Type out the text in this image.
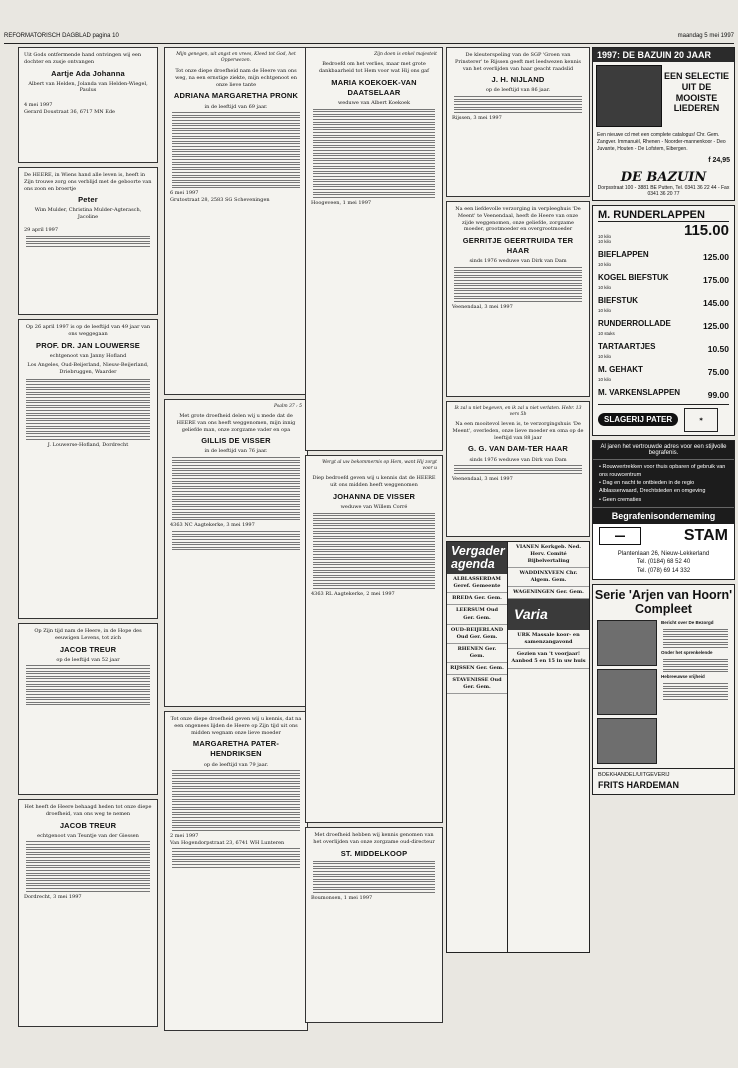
REFORMATORISCH DAGBLAD pagina 10	maandag 5 mei 1997
Uit Gods ontfermende hand ontvingen wij een dochter en zusje ontvangen
Aartje Ada Johanna
Albert van Helden, Jolanda van Helden-Wiegel, Paulus
4 mei 1997
Gerard Doustraat 36, 6717 MN Ede
De HEERE, in Wiens hand alle leven is, heeft in Zijn trouwe zorg ons verblijd met de geboorte van ons zoon en broertje
Peter
Wim Mulder, Christina Mulder-Agterasch, Jacoline
29 april 1997
Op 26 april 1997 is op de leeftijd van 49 jaar van ons weggegaan
PROF. DR. JAN LOUWERSE
echtgenoot van Janny Hofland
Los Angeles, Oud-Beijerland, Nieuw-Beijerland, Driebruggen, Waarder
J. Louwerse-Hofland, Dordrecht
Op Zijn tijd nam de Heere, in de Hope des eeuwigen Levens, tot zich
JACOB TREUR
op de leeftijd van 52 jaar
Het heeft de Heere behaagd heden tot onze diepe droefheid, van ons weg te nemen
JACOB TREUR
echtgenoot van Teuntje van der Giessen
Dordrecht, 3 mei 1997
Mijn genegen, uit angst en vrees, Kleed tot God, het Opperwezen.
Tot onze diepe droefheid nam de Heere van ons weg, na een ernstige ziekte, mijn echtgenoot en onze lieve tante
ADRIANA MARGARETHA PRONK
in de leeftijd van 69 jaar.
6 mei 1997
Grutostraat 28, 2583 SG Scheveningen
Psalm 37 : 5
Met grote droefheid delen wij u mede dat de HEERE van ons heeft weggenomen, mijn innig geliefde man, onze zorgzame vader en opa
GILLIS DE VISSER
in de leeftijd van 76 jaar.
4363 NC Aagtekerke, 3 mei 1997
Tot onze diepe droefheid geven wij u kennis, dat na een ongenees lijden de Heere op Zijn tijd uit ons midden wegnam onze lieve moeder
MARGARETHA PATER-HENDRIKSEN
op de leeftijd van 79 jaar.
2 mei 1997
Van Hogendorpstraat 23, 6741 WH Lunteren
Zijn doen is enkel majesteit
Bedroefd om het verlies, maar met grote dankbaarheid tot Hem voor wat Hij ons gaf
MARIA KOEKOEK-VAN DAATSELAAR
weduwe van Albert Koekoek
Hoogeveen, 1 mei 1997
Wergt al uw bekommernis op Hem, want Hij zorgt voor u
Diep bedroefd geven wij u kennis dat de HEERE uit ons midden heeft weggenomen
JOHANNA DE VISSER
weduwe van Willem Corré
4363 RL Aagtekerke, 2 mei 1997
Met droefheid hebben wij kennis genomen van het overlijden van onze zorgzame oud-directeur
ST. MIDDELKOOP
Boumonsen, 1 mei 1997
De kleuterspeling van de SGP 'Groen van Prinsterer' te Rijssen geeft met leedwezen kennis van het overlijden van haar geacht raadslid
J. H. NIJLAND
op de leeftijd van 86 jaar.
Rijssen, 3 mei 1997
Na een liefdevolle verzorging in verpleeghuis 'De Meent' te Veenendaal, heeft de Heere van onze zijde weggenomen, onze geliefde, zorgzame moeder, grootmoeder en overgrootmoeder
GERRITJE GEERTRUIDA TER HAAR
sinds 1976 weduwe van Dirk van Dam
Veenendaal, 3 mei 1997
Ik zal u niet begeven, en ik zal u niet verlaten. Hebr. 13 vers 5b
Na een mooitevol leven is, te verzorgingshuis 'De Meent', overleden, onze lieve moeder en oma op de leeftijd van 88 jaar
G. G. VAN DAM-TER HAAR
sinds 1976 weduwe van Dirk van Dam
Veenendaal, 3 mei 1997
Vergader agenda
ALBLASSERDAM Geref. Gemeente
BREDA Ger. Gem.
LEERSUM Oud Ger. Gem.
OUD-BEIJERLAND Oud Ger. Gem.
RHENEN Ger. Gem.
RIJSSEN Ger. Gem.
STAVENISSE Oud Ger. Gem.
VIANEN Kerkgeb. Ned. Herv. Comité Bijbelvertaling
WADDINXVEEN Chr. Algem. Gem.
WAGENINGEN Ger. Gem.
Varia
URK Massale koor- en samenzangavond
Gezien van 't voorjaar! Aanbod 5 en 15 in uw huis
1997: DE BAZUIN 20 JAAR
EEN SELECTIE UIT DE MOOISTE LIEDEREN
Een nieuwe cd met een complete catalogus! Chr. Gem. Zangver. Immanuël, Rhenen - Noorder-mannenkoor - Deo Juvante, Houten - De Lofstem, Eibergen.
f 24,95
DE BAZUIN
Dorpsstraat 100 - 3881 BE Putten, Tel. 0341 36 22 44 - Fax 0341 36 20 77
M. RUNDERLAPPEN
10 kilo	115.00
10 kilo
BIEFLAPPEN	125.00
10 kilo
KOGEL BIEFSTUK	175.00
10 kilo
BIEFSTUK	145.00
10 kilo
RUNDERROLLADE	125.00
10 stuks
TARTAARTJES	10.50
10 kilo
M. GEHAKT	75.00
10 kilo
M. VARKENSLAPPEN	99.00
SLAGERIJ PATER	✶
Al jaren het vertrouwde adres voor een stijlvolle begrafenis.
• Rouwvertrekken voor thuis opbaren of gebruik van ons rouwcentrum
• Dag en nacht te ontbieden in de regio Alblasserwaard, Drechtsteden en omgeving
• Geen crematies
Begrafenisonderneming
▬▬	STAM
Plantenlaan 26, Nieuw-Lekkerland
Tel. (0184) 68 52 40
Tel. (078) 69 14 332
Serie 'Arjen van Hoorn' Compleet
Bericht over De Bezorgd
Onder het sprenkelende
Hebreeuwse vrijheid
BOEKHANDEL/UITGEVERIJ
FRITS HARDEMAN
